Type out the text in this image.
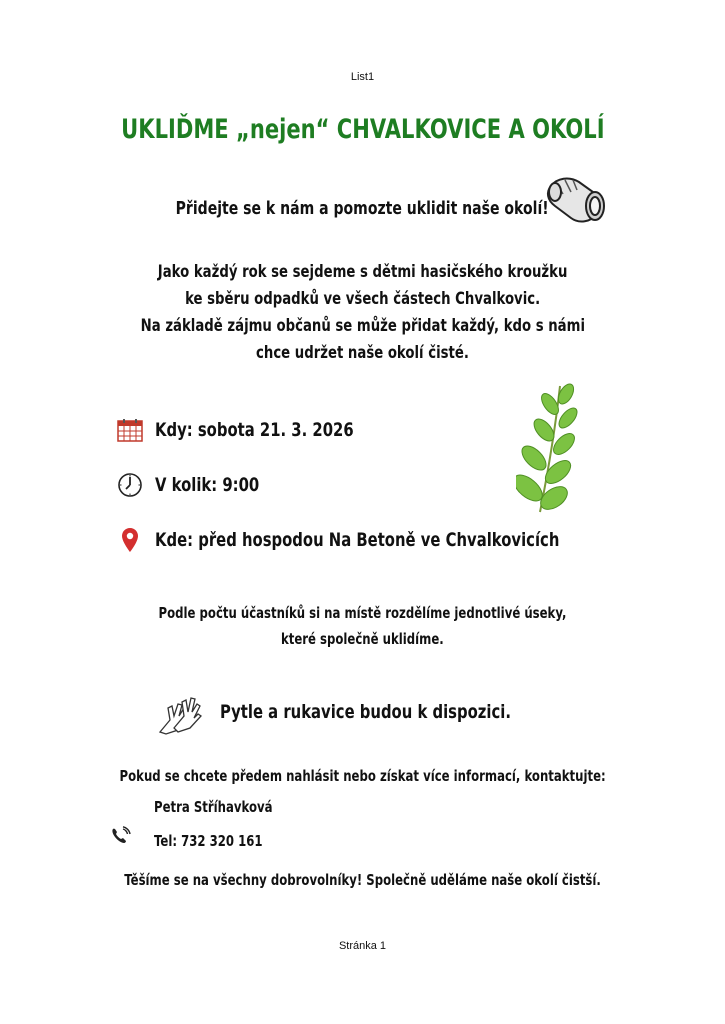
List1
UKLIĎME „nejen“ CHVALKOVICE A OKOLÍ
Přidejte se k nám a pomozte uklidit naše okolí!
Jako každý rok se sejdeme s dětmi hasičského kroužku
ke sběru odpadků ve všech částech Chvalkovic.
Na základě zájmu občanů se může přidat každý, kdo s námi
chce udržet naše okolí čisté.
Kdy: sobota 21. 3. 2026
V kolik: 9:00
Kde: před hospodou Na Betoně ve Chvalkovicích
Podle počtu účastníků si na místě rozdělíme jednotlivé úseky,
které společně uklidíme.
Pytle a rukavice budou k dispozici.
Pokud se chcete předem nahlásit nebo získat více informací, kontaktujte:
Petra Stříhavková
Tel: 732 320 161
Těšíme se na všechny dobrovolníky! Společně uděláme naše okolí čistší.
Stránka 1
